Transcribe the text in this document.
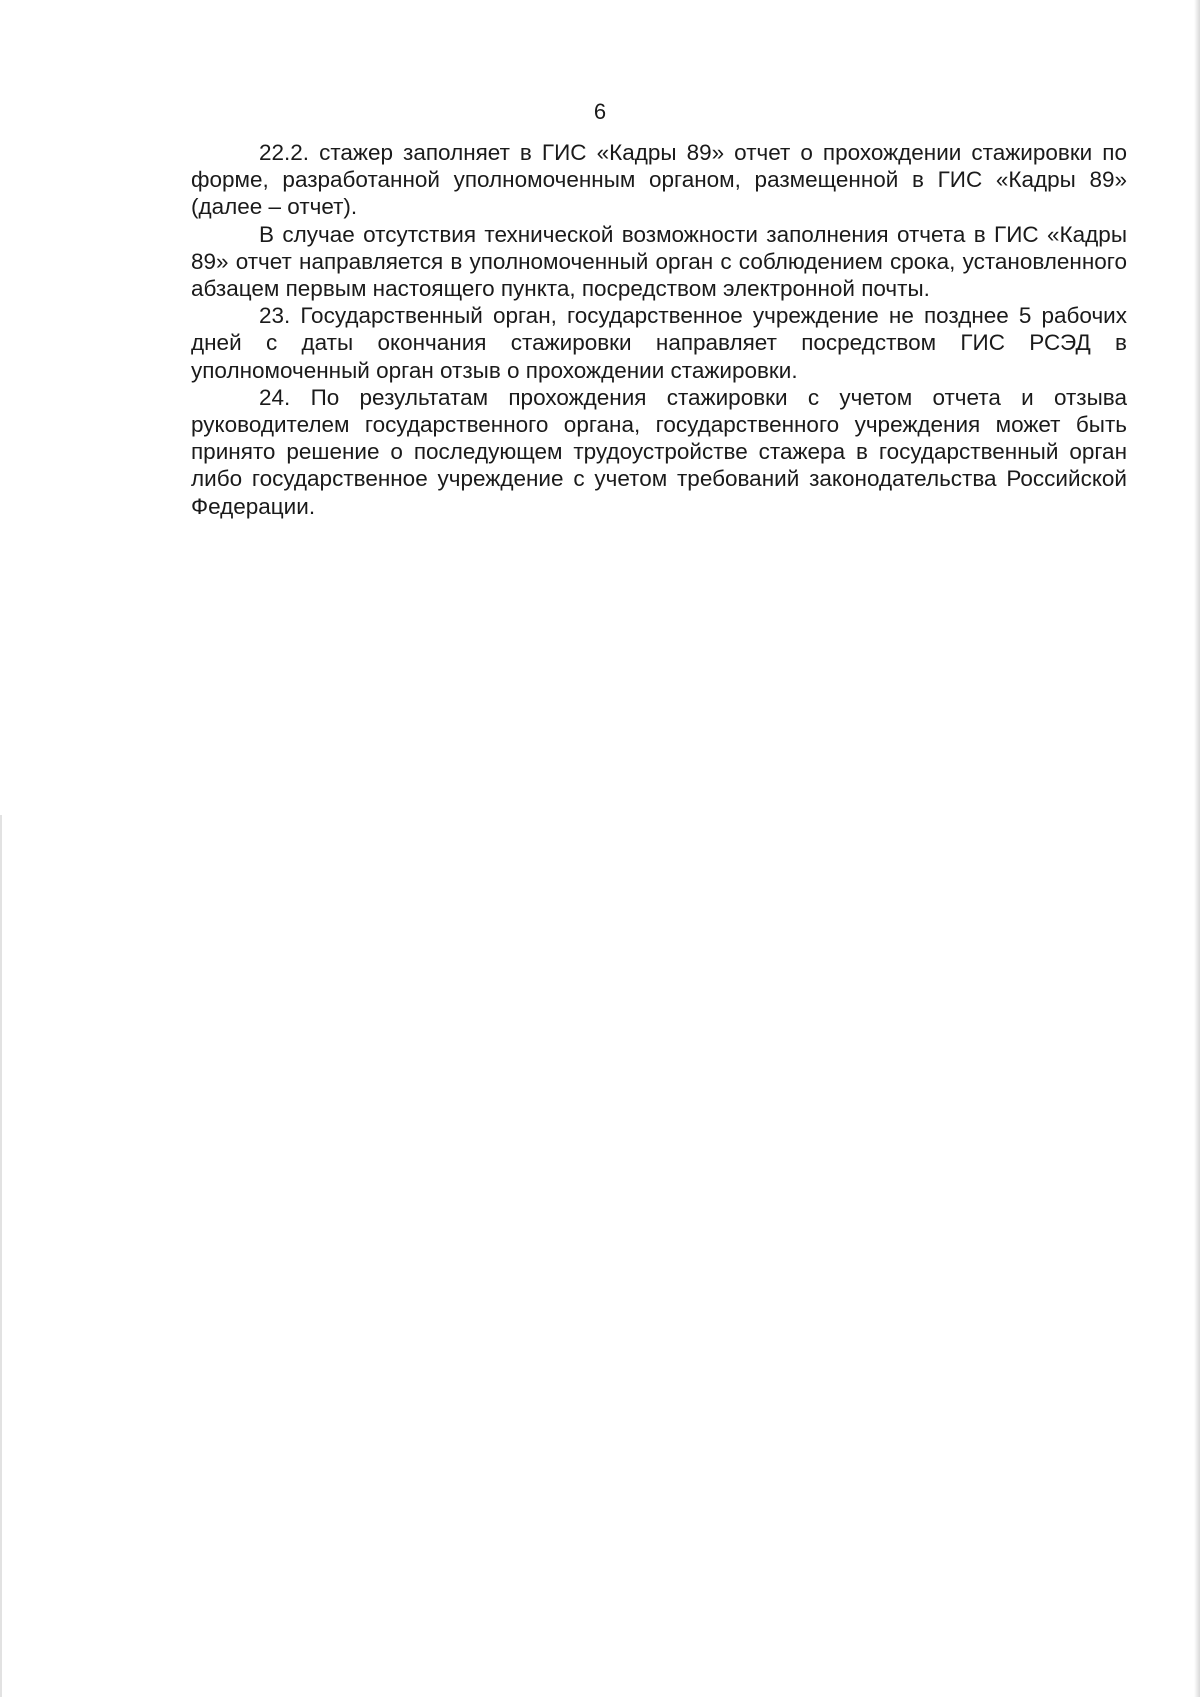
6

22.2. стажер заполняет в ГИС «Кадры 89» отчет о прохождении стажировки по форме, разработанной уполномоченным органом, размещенной в ГИС «Кадры 89» (далее – отчет).

В случае отсутствия технической возможности заполнения отчета в ГИС «Кадры 89» отчет направляется в уполномоченный орган с соблюдением срока, установленного абзацем первым настоящего пункта, посредством электронной почты.

23. Государственный орган, государственное учреждение не позднее 5 рабочих дней с даты окончания стажировки направляет посредством ГИС РСЭД в уполномоченный орган отзыв о прохождении стажировки.

24. По результатам прохождения стажировки с учетом отчета и отзыва руководителем государственного органа, государственного учреждения может быть принято решение о последующем трудоустройстве стажера в государственный орган либо государственное учреждение с учетом требований законодательства Российской Федерации.
